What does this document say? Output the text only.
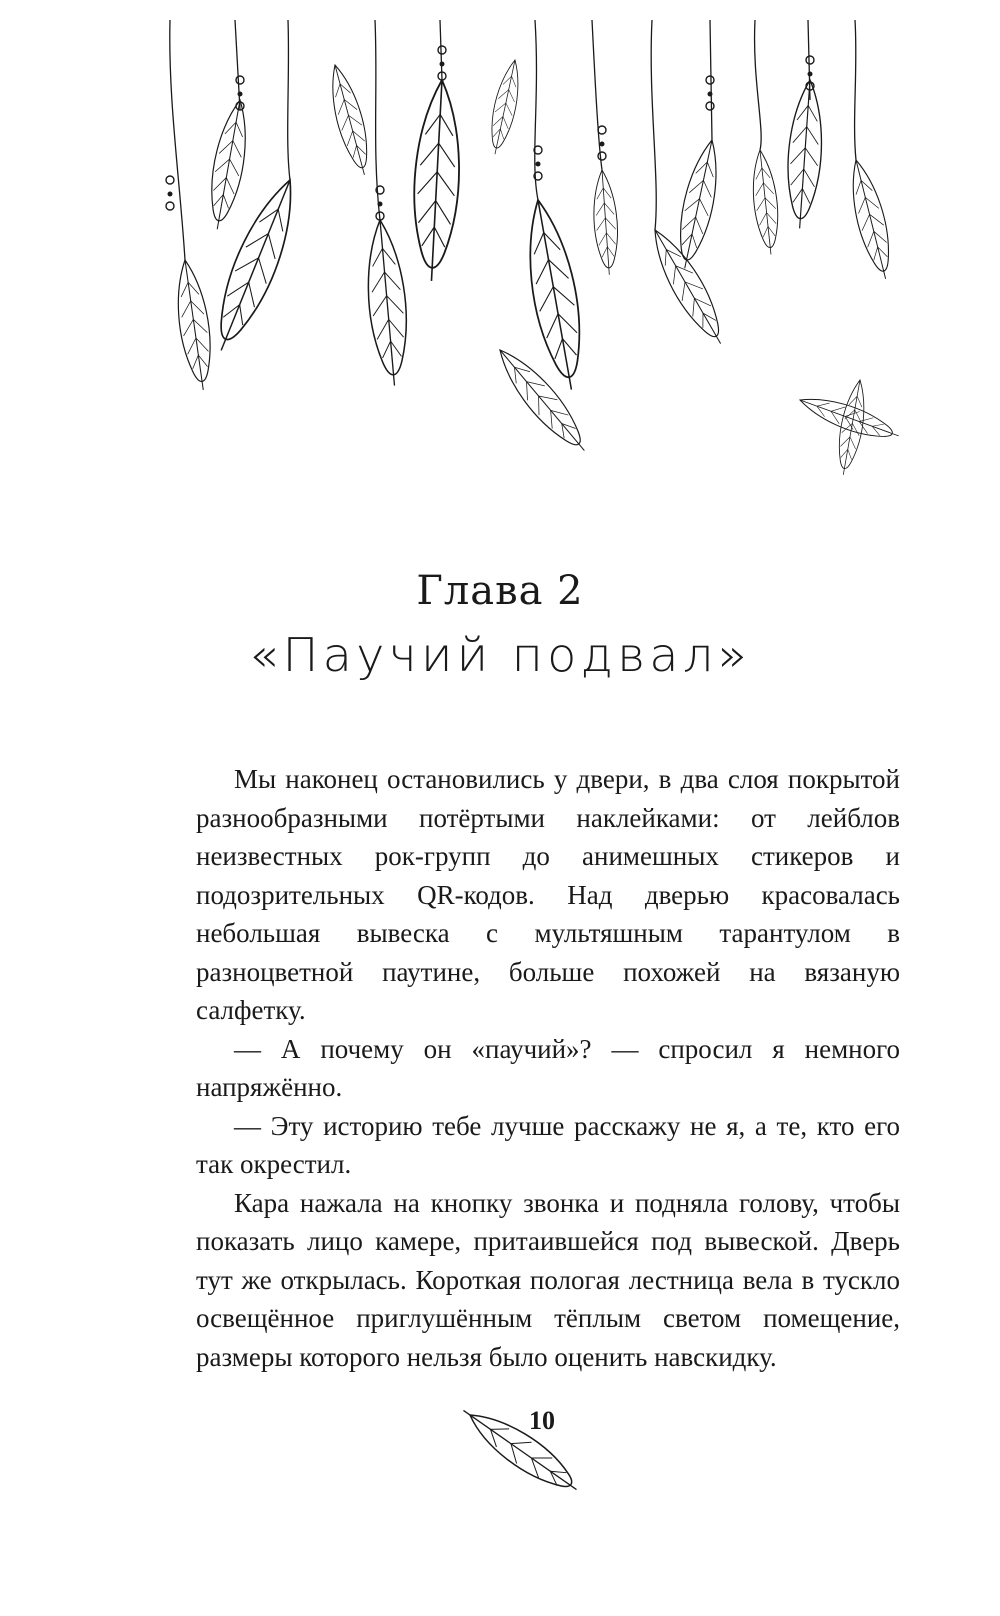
Глава 2
«Паучий подвал»

Мы наконец остановились у двери, в два слоя покрытой разнообразными потёртыми наклейками: от лейблов неизвестных рок-групп до анимешных стикеров и подозрительных QR-кодов. Над дверью красовалась небольшая вывеска с мультяшным тарантулом в разноцветной паутине, больше похожей на вязаную салфетку.

— А почему он «паучий»? — спросил я немного напряжённо.

— Эту историю тебе лучше расскажу не я, а те, кто его так окрестил.

Кара нажала на кнопку звонка и подняла голову, чтобы показать лицо камере, притаившейся под вывеской. Дверь тут же открылась. Короткая пологая лестница вела в тускло освещённое приглушённым тёплым светом помещение, размеры которого нельзя было оценить навскидку.

10
